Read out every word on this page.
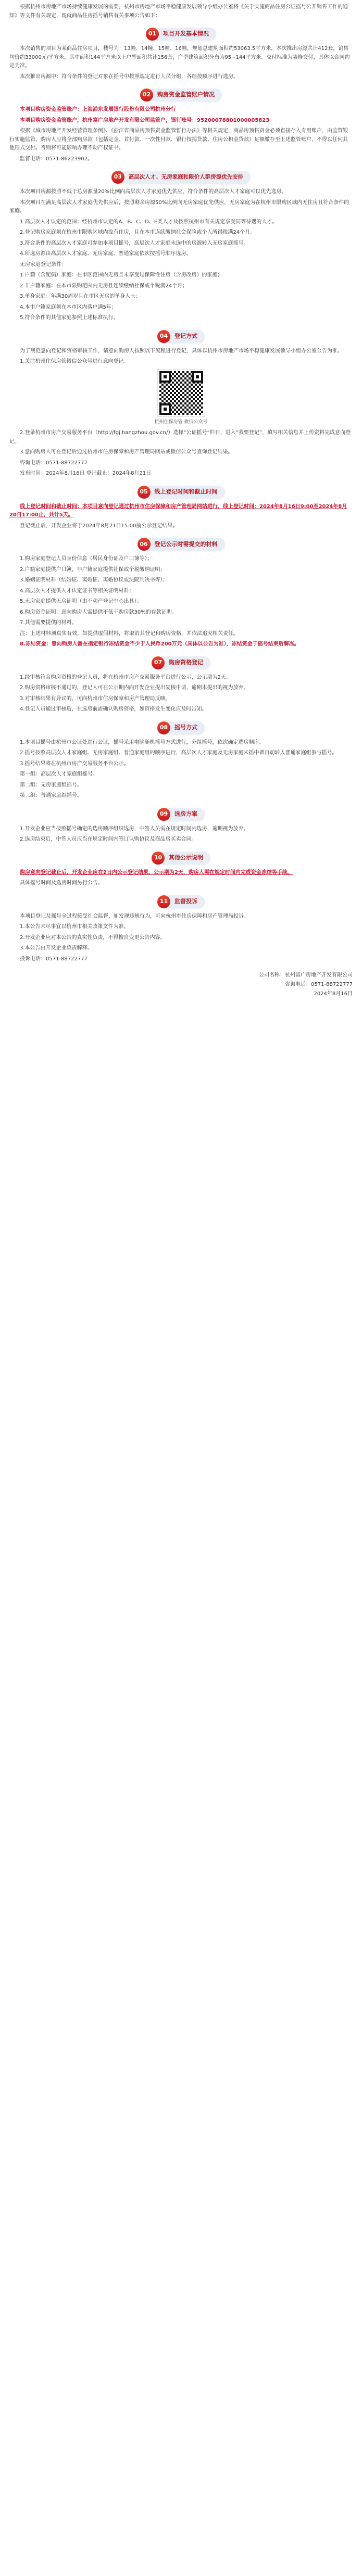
根据杭州市房地产市场持续健康发展的需要，杭州市房地产市场平稳健康发展领导小组办公室将《关于实施商品住房公证摇号公开销售工作的通知》等文件有关规定，现就商品住房摇号销售有关事项公告如下：

01	项目开发基本情况

本次销售的项目为某商品住房项目，楼号为：13幢、14幢、15幢、16幢，规划总建筑面积约53063.5平方米，本次推出房源共计412套，销售均价约33000元/平方米，其中面积144平方米以上户型面积共计156套，户型建筑面积分布为95~144平方米。交付标准为装修交付，具体以合同约定为准。

本次推出房源中：符合条件的登记对象在摇号中按照规定进行人员分组，各组按顺序进行选房。

02	购房资金监管账户情况

本项目购房资金监管账户：上海浦东发展银行股份有限公司杭州分行

本项目购房资金监管账户，杭州富广房地产开发有限公司监管户，银行账号：95200078801000005823

根据《城市房地产开发经营管理条例》、《浙江省商品房预售资金监管暂行办法》等相关规定，商品房预售资金必须直接存入专用账户，由监管银行实施监管。购房人应将全部购房款（包括定金、首付款、一次性付款、银行按揭贷款、住房公积金贷款）足额缴存至上述监管账户，不得以任何其他形式交付。否则将可能影响办理不动产权证书。

监督电话：0571-86223902。

03	高层次人才、无房家庭和限价人群房源优先安排

本次项目房源按照不低于总房源量20%比例向高层次人才家庭优先供应，符合条件的高层次人才家庭可以优先选房。

本次项目在满足高层次人才家庭优先供应后，按照剩余房源50%比例向无房家庭优先供应，无房家庭为在杭州市限购区域内无住房且符合条件的家庭。

1.高层次人才认定的范围：经杭州市认定的A、B、C、D、E类人才及按照杭州市有关规定享受同等待遇的人才。

2.登记购房家庭须在杭州市限购区域内没有住房，且在本市连续缴纳社会保险或个人所得税满24个月。

3.符合条件的高层次人才家庭可参加本项目摇号，高层次人才家庭未选中的房源转入无房家庭摇号。

4.所选房源由高层次人才家庭、无房家庭、普通家庭依次按摇号顺序选房。

无房家庭登记条件：

1.户籍（含配偶）家庭：在市区范围内无房且未享受过保障性住房（含房改房）的家庭；

2.非户籍家庭：在本市限购范围内无房且连续缴纳社保或个税满24个月；

3.单身家庭：年满30周岁且在市区无房的单身人士；

4.本市户籍家庭须在本市区内落户满5年；

5.符合条件的其他家庭参照上述标准执行。

04	登记方式

为了规范意向登记和资格审核工作，请意向购房人按照以下流程进行登记，具体以杭州市房地产市场平稳健康发展领导小组办公室公告为准。

1.关注杭州住保房管微信公众号进行意向登记。

杭州住保房管 微信公众号

2.登录杭州市房产交易服务平台（http://fgj.hangzhou.gov.cn/）选择“公证摇号”栏目，进入“我要登记”，填写相关信息并上传资料完成意向登记。

3.意向购房人可在登记后通过杭州市住房保障和房产管理局网站或微信公众号查询登记结果。

咨询电话：0571-88722777

发布时间：2024年8月16日 登记截止：2024年8月21日

05	线上登记时间和截止时间

线上登记时间和截止时间：本项目意向登记通过杭州市住房保障和房产管理局网站进行，线上登记时间：2024年8月16日9:00至2024年8月20日17:00止，共计5天。

登记截止后，开发企业将于2024年8月21日15:00前公示登记结果。

06	登记公示时需提交的材料

1.购房家庭登记人员身份信息（居民身份证及户口簿等）；

2.户籍家庭提供户口簿，非户籍家庭提供社保或个税缴纳证明；

3.婚姻证明材料（结婚证、离婚证、离婚协议或法院判决书等）；

4.高层次人才提供人才认定证书等相关证明材料；

5.无房家庭提供无房证明（由不动产登记中心出具）；

6.购房资金证明：意向购房人需提供不低于购房款30%的存款证明。

7.其他需要提供的材料。

注：上述材料须真实有效，如提供虚假材料，将取消其登记和购房资格，并依法追究相关责任。

8.冻结资金：意向购房人需在指定银行冻结资金不少于人民币200万元（具体以公告为准），冻结资金于摇号结束后解冻。

07	购房资格登记

1.经审核符合购房资格的登记人员，将在杭州市房产交易服务平台进行公示，公示期为2天。

2.购房资格审核不通过的，登记人可在公示期内向开发企业提出复核申请，逾期未提出的视为放弃。

3.对审核结果有异议的，可向杭州市住房保障和房产管理局反映。

4.登记人员通过审核后，在选房前需确认购房资格，如资格发生变化应及时告知。

08	摇号方式

1.本项目摇号由杭州市公证处进行公证，摇号采用电脑随机摇号方式进行，分组摇号，依次确定选房顺序。

2.摇号按照高层次人才家庭组、无房家庭组、普通家庭组的顺序进行，高层次人才家庭及无房家庭未摇中者自动转入普通家庭组参与摇号。

3.摇号结果将在杭州市房产交易服务平台公示。

第一组：高层次人才家庭组摇号。

第二组：无房家庭组摇号。

第三组：普通家庭组摇号。

09	选房方案

1.开发企业应当按照摇号确定的选房顺序组织选房，中签人员需在规定时间内选房，逾期视为放弃。

2.选房结束后，中签人员应当在规定时间内签订认购协议及商品房买卖合同。

10	其他公示说明

购房意向登记截止后，开发企业应在2日内公示登记结果，公示期为2天，购房人需在规定时间内完成资金冻结等手续。

具体摇号时间及选房时间另行公告。

11	监督投诉

本项目登记及摇号全过程接受社会监督，如发现违规行为，可向杭州市住房保障和房产管理局投诉。

1.本公告未尽事宜以杭州市相关政策文件为准。

2.开发企业应对本公告的真实性负责，不得擅自变更公告内容。

3.本公告由开发企业负责解释。

投诉电话：0571-88722777

公司名称：杭州富广房地产开发有限公司
咨询电话：0571-88722777
2024年8月16日
